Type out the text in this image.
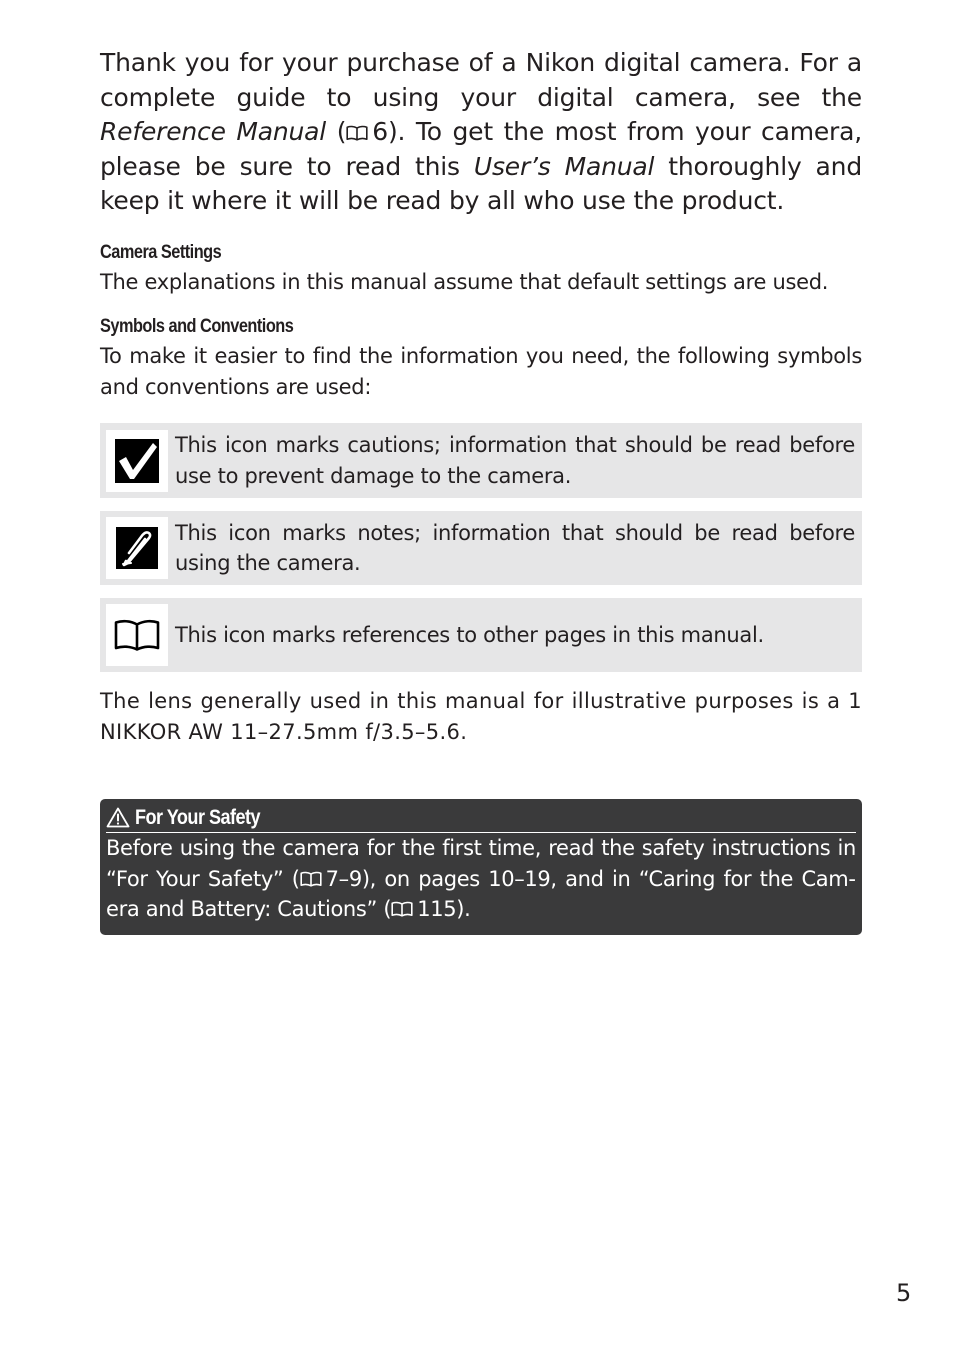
Thank you for your purchase of a Nikon digital camera. For a complete guide to using your digital camera, see the Reference Manual ( 6). To get the most from your camera, please be sure to read this User’s Manual thoroughly and keep it where it will be read by all who use the product.

Camera Settings

The explanations in this manual assume that default settings are used.

Symbols and Conventions

To make it easier to find the information you need, the following symbols and conventions are used:

This icon marks cautions; information that should be read before use to prevent damage to the camera.
This icon marks notes; information that should be read before using the camera.
This icon marks references to other pages in this manual.

The lens generally used in this manual for illustrative purposes is a 1 NIKKOR AW 11–27.5mm f/3.5–5.6.

For Your Safety

Before using the camera for the first time, read the safety instructions in “For Your Safety” ( 7–9), on pages 10–19, and in “Caring for the Camera and Battery: Cautions” ( 115).

5
